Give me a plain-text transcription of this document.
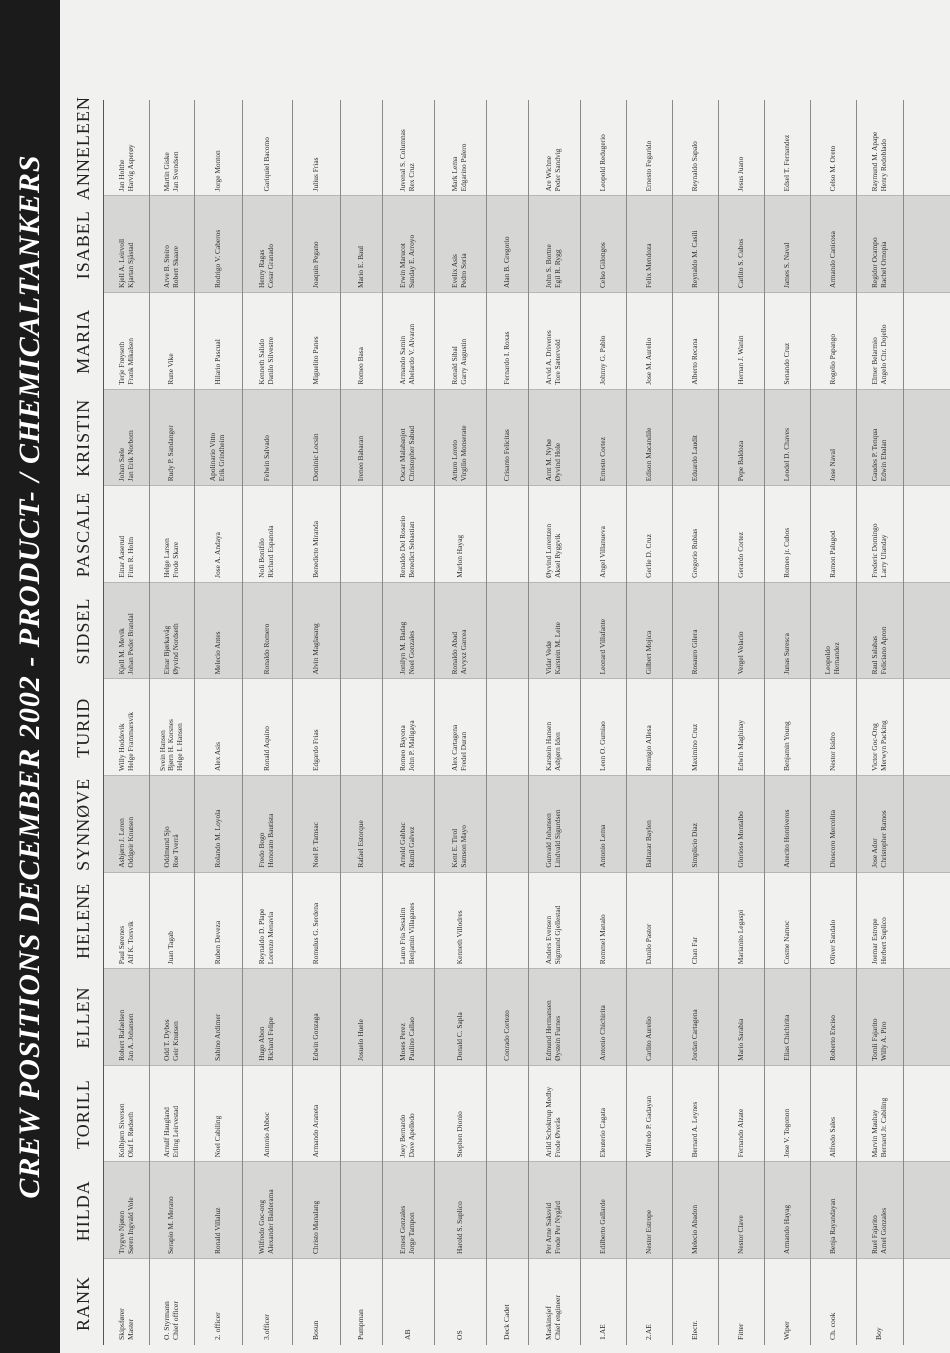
CREW POSITIONS DECEMBER 2002 - PRODUCT- / CHEMICALTANKERS
RANK
HILDA
TORILL
ELLEN
HELENE
SYNNØVE
TURID
SIDSEL
PASCALE
KRISTIN
MARIA
ISABEL
ANNELEEN
Skipsfører Master
Trygve Njøten Søren Ingvald Vole
Kolbjørn Siversen Olaf I. Rødseth
Robert Rafaelsen Jan A. Johansen
Paul Sørenes Alf K. Torsvik
Asbjørn J. Leren Oddgeir Knutsen
Willy Hoddevik Helge Frammarsvik
Kjell M. Mevik Johan Peder Brandal
Einar Aaserud Finn R. Holm
Johan Sæle Jan Erik Norbom
Terje Frøyseth Frank Mikalsen
Kjell A. Leirvoll Kjartan Sjåstad
Jan Holthe Harvig Asperøy
O. Styrmann Chief officer
Serapio M. Merano
Arnulf Haugland Erling Leirvestad
Odd T. Dybos Geir Knutsen
Juan Tagab
Oddmund Sjo Roe Tverrå
Svein Hansen Bjørn H. Korsnes Helge I. Hansen
Einar Bjørkavåg Øyvind Nordseth
Helge Larsen Frode Skare
Rudy P. Sandanger
Rune Vike
Arve B. Steiro Robert Skaare
Martin Giske Jan Svendsen
2. officer
Ronald Villaluz
Noel Cabiling
Sabino Ardimer
Ruben Deveza
Rolando M. Loyola
Alex Asis
Melecio Antes
Jose A. Andaya
Apolinario Vitto Erik Grindheim
Hilario Pascual
Rodrigo V. Caberos
Jorge Monton
3.officer
Wilfredo Goc-ong Alexander Balderama
Antonio Abboc
Hugo Abon Richard Felipe
Reynaldo D. Plape Lorenzo Menavia
Fredo Bogo Honorato Bautista
Ronald Aquino
Ronaldo Romero
Noli Bonifilo Richard Espanola
Felwin Salvado
Kenneth Salido Danilo Silvestre
Henry Ragas Cesar Granado
Gariquiel Bacomo
Bosun
Christo Manalang
Armando Araneta
Edwin Gonzaga
Romulus G. Serdena
Noel P. Tamsac
Edgardo Frias
Alvin Maglasang
Benedicto Miranda
Dominic Locsin
Miguelito Panes
Joaquin Pegano
Julius Frias
Pumpman
Josuelo Huele
Rafael Estorque
Ireneo Babaran
Romeo Basa
Mario E. Baul
AB
Ernest Gonzales Jorge Tampon
Joey Bernardo Dave Apelledo
Moses Perez Paulino Callao
Lauro Fria Sesalim Benjamin Villaganes
Arnold Gabbac Ramil Galvez
Romeo Bayona John P. Maligaya
Jonilyn M. Badag Noel Gonzales
Renaldo Del Rosario Benedict Sebastian
Oscar Malabanjot Christopher Sabud
Armando Samin Abelardo V. Alvaran
Erwin Marucot Sunday E. Arroyo
Juvenal S. Columnas Rex Cruz
OS
Harold S. Suplico
Stephen Dionio
Donald C. Sapla
Kenneth Villodres
Kent E. Tirol Samson Mayo
Alex Cartagena Fredel Duran
Ronaldo Abad Arvyxz Garcea
Marlon Hayag
Arturo Loreto Virgilio Monserate
Ronald Sibal Garry Augustin
Evelix Asis Pedro Soria
Mark Lema Edgarino Palero
Deck Cadet
Conrado Cortezo
Crisanto Felicitas
Fernardo I. Roxas
Alan B. Gregorio
Maskinsjef Chief engineer
Per Arne Saksvid Frode Per Nygård
Arild Schoktrup Medby Frode Øverås
Edmund Hermansen Øystein Furnes
Anders Evensen Sigmund Gjellestad
Gunvald Johansen Lindvald Sigurdsen
Karstein Hansen Asbjørn Iden
Vidar Vedø Karstein M. Leite
Øyvind Lorentzen Aksel Ryggvik
Arnt M. Nybø Øyvind Hole
Arvid A. Drivenes Tore Sætervold
John S. Bortne Egil R. Rygg
Are Wichne Peder Sandvig
1.AE
Edilberto Gallarde
Eleuterio Cagata
Antonio Chichirita
Rommel Manalo
Antonio Lema
Leon O. Gumiao
Leonard Villafante
Angel Villanueva
Ernesto Cortez
Johnny G. Pablo
Celso Gilongos
Leopold Redugerio
2.AE
Nestor Estrope
Wilfredo P. Gadayan
Carlito Aurelio
Danilo Pastor
Baltazar Baylen
Remigio Allesa
Gilbert Mojica
Gerlie D. Cruz
Edison Macandile
Jose M. Aurelio
Felix Mendoza
Ernesto Fegarido
Electr.
Melecio Abadon
Bernard A. Leynes
Jordan Cartagena
Chan Far
Simplicio Diaz
Maximino Cruz
Rosauro Gilera
Gregorio Rubias
Eduardo Laudit
Alberto Recana
Reynaldo M. Casili
Reynaldo Sapalo
Fitter
Nestor Clave
Fernando Alzate
Mario Sarabia
Marianito Legaspi
Glorioso Montalbo
Edwin Maghinay
Vergel Velacio
Gerardo Cortez
Pepe Baldoza
Hernan J. Wanin
Carlito S. Cubos
Jesus Juano
Wiper
Armando Hayag
Jose V. Togonon
Elias Chichirita
Cosme Namoc
Anecito Hontiveros
Benjamin Young
Junas Suresca
Romeo jr. Cubos
Leodel D. Chaves
Senando Cruz
James S. Naval
Edsel T. Fernandez
Ch. cook
Benja Rayandayan
Alfredo Sales
Roberto Enciso
Oliver Sandalo
Dioscoro Mercolita
Nestor Isidro
Leopoldo Hernandez
Ramon Palugod
Jose Naval
Rogelio Papango
Armando Canicosa
Celso M. Oreto
Boy
Ruel Fajarito Arnel Gonzales
Marvin Mauhay Bernard Jr. Cabiling
Tomli Fajarito Willy A. Piro
Joemar Estrope Herbert Suplico
Jose Ador Christopher Ramos
Victor Goc-Ong Merwyn Packing
Raul Salabas Feliciano Apron
Frederic Domingo Larry Ulanday
Gaudes P. Tenqua Edwin Ebalan
Elmer Belarmio Angelo Chr. Dojello
Regidor Ocampo Rachel Ornopia
Raymund M. Apape Henry Redoblado
